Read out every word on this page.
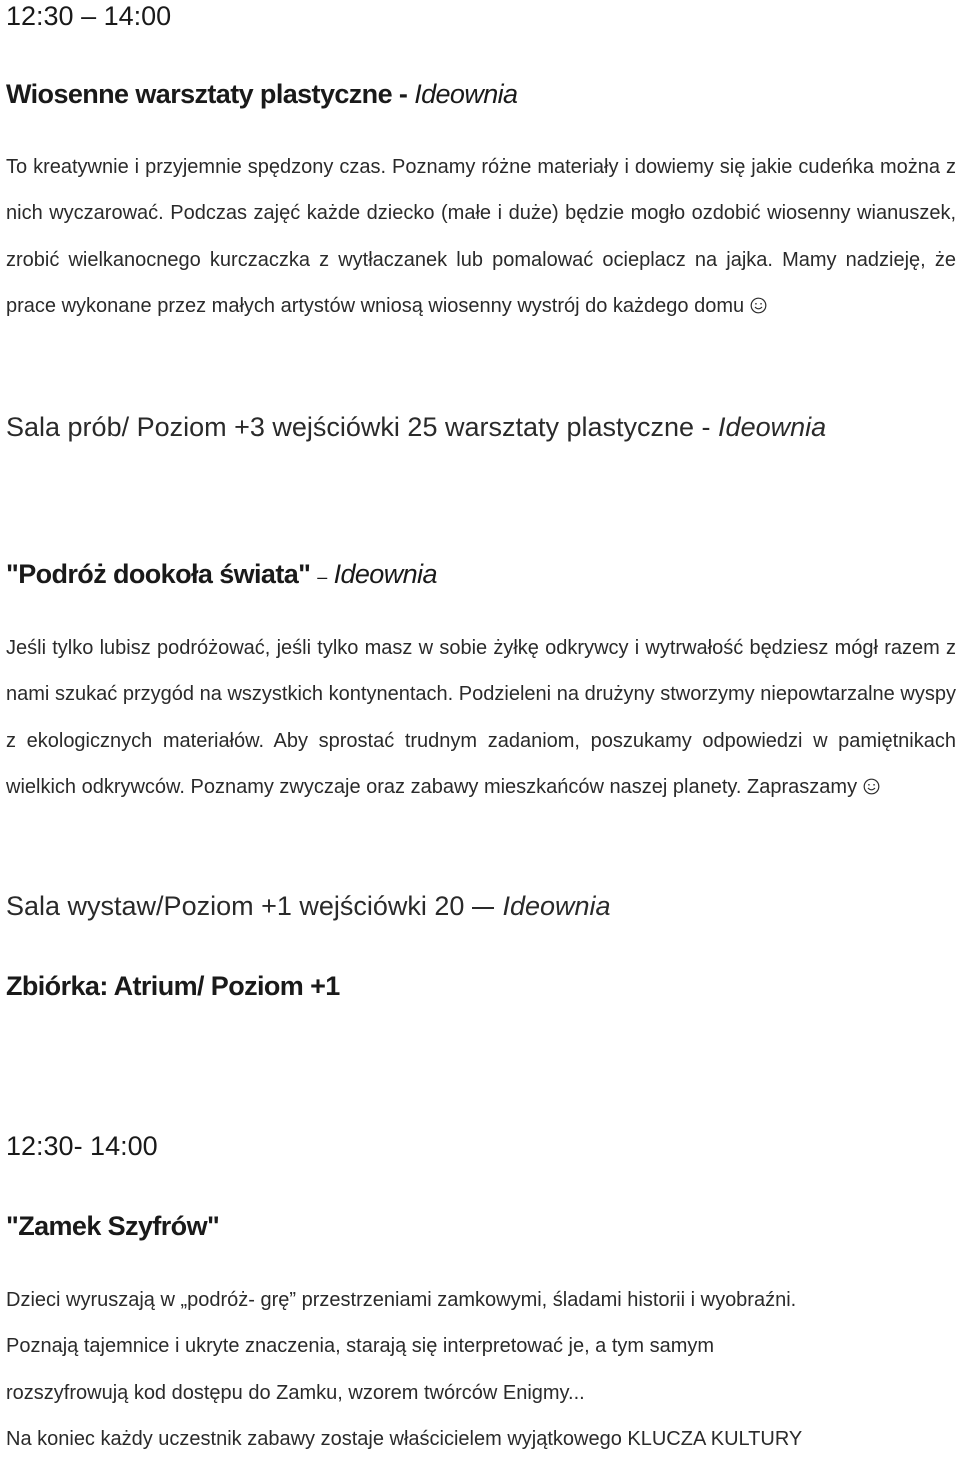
12:30 – 14:00
Wiosenne warsztaty plastyczne - Ideownia

To kreatywnie i przyjemnie spędzony czas. Poznamy różne materiały i dowiemy się jakie cudeńka można z nich wyczarować. Podczas zajęć każde dziecko (małe i duże) będzie mogło ozdobić wiosenny wianuszek, zrobić wielkanocnego kurczaczka z wytłaczanek lub pomalować ocieplacz na jajka. Mamy nadzieję, że prace wykonane przez małych artystów wniosą wiosenny wystrój do każdego domu

Sala prób/ Poziom +3 wejściówki 25 warsztaty plastyczne - Ideownia
"Podróż dookoła świata" – Ideownia

Jeśli tylko lubisz podróżować, jeśli tylko masz w sobie żyłkę odkrywcy i wytrwałość będziesz mógł razem z nami szukać przygód na wszystkich kontynentach. Podzieleni na drużyny stworzymy niepowtarzalne wyspy z ekologicznych materiałów. Aby sprostać trudnym zadaniom, poszukamy odpowiedzi w pamiętnikach wielkich odkrywców. Poznamy zwyczaje oraz zabawy mieszkańców naszej planety. Zapraszamy

Sala wystaw/Poziom +1 wejściówki 20 Ideownia
Zbiórka: Atrium/ Poziom +1
12:30- 14:00
"Zamek Szyfrów"
Dzieci wyruszają w „podróż- grę” przestrzeniami zamkowymi, śladami historii i wyobraźni.
Poznają tajemnice i ukryte znaczenia, starają się interpretować je, a tym samym
rozszyfrowują kod dostępu do Zamku, wzorem twórców Enigmy...
Na koniec każdy uczestnik zabawy zostaje właścicielem wyjątkowego KLUCZA KULTURY
